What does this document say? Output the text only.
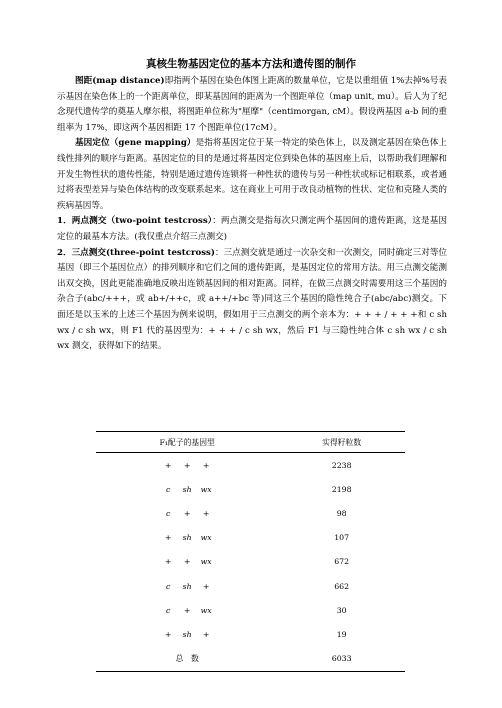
真核生物基因定位的基本方法和遗传图的制作

图距(map distance)即指两个基因在染色体图上距离的数量单位，它是以重组值 1%去掉%号表示基因在染色体上的一个距离单位，即某基因间的距离为一个图距单位（map unit, mu）。后人为了纪念现代遗传学的奠基人摩尔根，将图距单位称为"厘摩"（centimorgan, cM）。假设两基因 a-b 间的重组率为 17%，即这两个基因相距 17 个图距单位(17cM）。

基因定位（gene mapping）是指将基因定位于某一特定的染色体上，以及测定基因在染色体上线性排列的顺序与距离。基因定位的目的是通过将基因定位到染色体的基因座上后，以帮助我们理解和开发生物性状的遗传性能，特别是通过遗传连锁将一种性状的遗传与另一种性状或标记相联系，或者通过将表型差异与染色体结构的改变联系起来。这在商业上可用于改良动植物的性状、定位和克隆人类的疾病基因等。

1．两点测交（two-point testcross）：两点测交是指每次只测定两个基因间的遗传距离，这是基因定位的最基本方法。(我仅重点介绍三点测交)

2．三点测交(three-point testcross)：三点测交就是通过一次杂交和一次测交，同时确定三对等位基因（即三个基因位点）的排列顺序和它们之间的遗传距离，是基因定位的常用方法。用三点测交能测出双交换，因此更能准确地反映出连锁基因间的相对距离。同样，在做三点测交时需要用这三个基因的杂合子(abc/+++，或 ab+/++c，或 a++/+bc 等)同这三个基因的隐性纯合子(abc/abc)测交。下面还是以玉米的上述三个基因为例来说明，假如用于三点测交的两个亲本为：+ + + / + + +和 c sh wx / c sh wx，则 F1 代的基因型为：+ + + / c sh wx，然后 F1 与三隐性纯合体 c sh wx / c sh wx 测交，获得如下的结果。

F₁配子的基因型	实得籽粒数
+ + +	2238
c sh wx	2198
c + +	98
+ sh wx	107
+ + wx	672
c sh +	662
c + wx	30
+ sh +	19
总　数	6033
